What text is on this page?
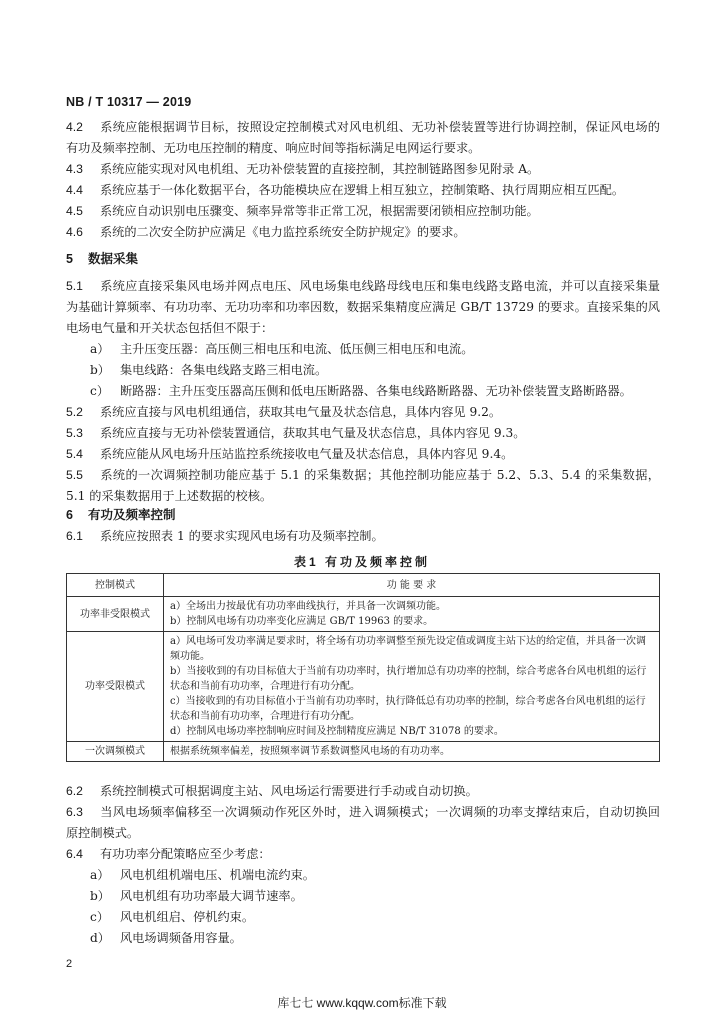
NB / T 10317 — 2019
4.2 系统应能根据调节目标，按照设定控制模式对风电机组、无功补偿装置等进行协调控制，保证风电场的有功及频率控制、无功电压控制的精度、响应时间等指标满足电网运行要求。
4.3 系统应能实现对风电机组、无功补偿装置的直接控制，其控制链路图参见附录 A。
4.4 系统应基于一体化数据平台，各功能模块应在逻辑上相互独立，控制策略、执行周期应相互匹配。
4.5 系统应自动识别电压骤变、频率异常等非正常工况，根据需要闭锁相应控制功能。
4.6 系统的二次安全防护应满足《电力监控系统安全防护规定》的要求。
5 数据采集
5.1 系统应直接采集风电场并网点电压、风电场集电线路母线电压和集电线路支路电流，并可以直接采集量为基础计算频率、有功功率、无功功率和功率因数，数据采集精度应满足 GB/T 13729 的要求。直接采集的风电场电气量和开关状态包括但不限于：
a） 主升压变压器：高压侧三相电压和电流、低压侧三相电压和电流。
b） 集电线路：各集电线路支路三相电流。
c） 断路器：主升压变压器高压侧和低电压断路器、各集电线路断路器、无功补偿装置支路断路器。
5.2 系统应直接与风电机组通信，获取其电气量及状态信息，具体内容见 9.2。
5.3 系统应直接与无功补偿装置通信，获取其电气量及状态信息，具体内容见 9.3。
5.4 系统应能从风电场升压站监控系统接收电气量及状态信息，具体内容见 9.4。
5.5 系统的一次调频控制功能应基于 5.1 的采集数据；其他控制功能应基于 5.2、5.3、5.4 的采集数据，5.1 的采集数据用于上述数据的校核。
6 有功及频率控制
6.1 系统应按照表 1 的要求实现风电场有功及频率控制。
表1 有功及频率控制
控制模式	功 能 要 求
功率非受限模式	a）全场出力按最优有功功率曲线执行，并具备一次调频功能。

b）控制风电场有功功率变化应满足 GB/T 19963 的要求。

功率受限模式	a）风电场可发功率满足要求时，将全场有功功率调整至预先设定值或调度主站下达的给定值，并具备一次调频功能。

b）当接收到的有功目标值大于当前有功功率时，执行增加总有功功率的控制，综合考虑各台风电机组的运行状态和当前有功功率，合理进行有功分配。

c）当接收到的有功目标值小于当前有功功率时，执行降低总有功功率的控制，综合考虑各台风电机组的运行状态和当前有功功率，合理进行有功分配。

d）控制风电场功率控制响应时间及控制精度应满足 NB/T 31078 的要求。

一次调频模式	根据系统频率偏差，按照频率调节系数调整风电场的有功功率。

6.2 系统控制模式可根据调度主站、风电场运行需要进行手动或自动切换。
6.3 当风电场频率偏移至一次调频动作死区外时，进入调频模式；一次调频的功率支撑结束后，自动切换回原控制模式。
6.4 有功功率分配策略应至少考虑：
a） 风电机组机端电压、机端电流约束。
b） 风电机组有功功率最大调节速率。
c） 风电机组启、停机约束。
d） 风电场调频备用容量。
2
库七七 www.kqqw.com标准下载
